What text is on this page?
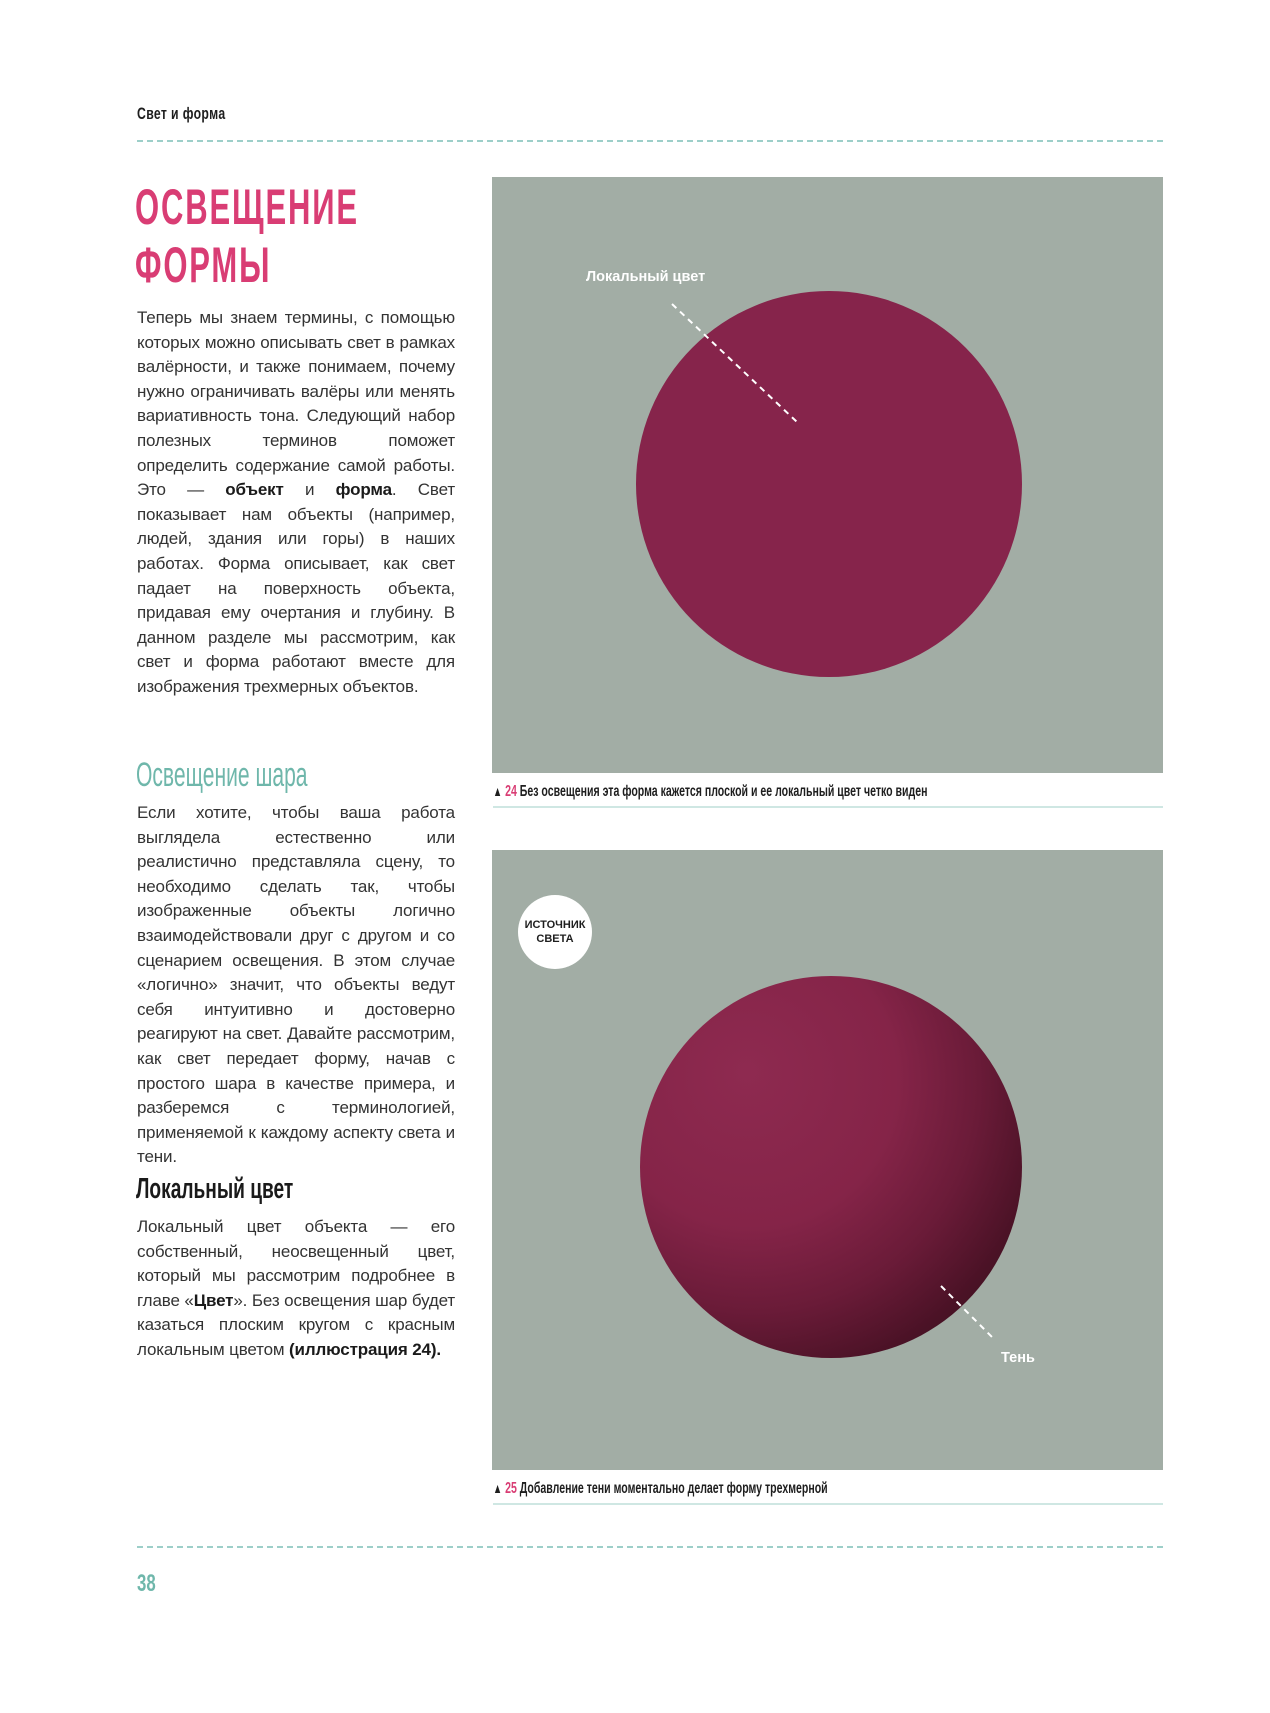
Свет и форма
ОСВЕЩЕНИЕ
ФОРМЫ

Теперь мы знаем термины, с помощью которых можно описывать свет в рамках валёрности, и также понимаем, почему нужно ограничивать валёры или менять вариативность тона. Следующий набор полезных терминов поможет определить содержание самой работы. Это — объект и форма. Свет показывает нам объекты (например, людей, здания или горы) в наших работах. Форма описывает, как свет падает на поверхность объекта, придавая ему очертания и глубину. В данном разделе мы рассмотрим, как свет и форма работают вместе для изображения трехмерных объектов.

Освещение шара

Если хотите, чтобы ваша работа выглядела естественно или реалистично представляла сцену, то необходимо сделать так, чтобы изображенные объекты логично взаимодействовали друг с другом и со сценарием освещения. В этом случае «логично» значит, что объекты ведут себя интуитивно и достоверно реагируют на свет. Давайте рассмотрим, как свет передает форму, начав с простого шара в качестве примера, и разберемся с терминологией, применяемой к каждому аспекту света и тени.

Локальный цвет

Локальный цвет объекта — его собственный, неосвещенный цвет, который мы рассмотрим подробнее в главе «Цвет». Без освещения шар будет казаться плоским кругом с красным локальным цветом (иллюстрация 24).

Локальный цвет
▲ 24 Без освещения эта форма кажется плоской и ее локальный цвет четко виден
ИСТОЧНИК
СВЕТА
Тень
▲ 25 Добавление тени моментально делает форму трехмерной
38
